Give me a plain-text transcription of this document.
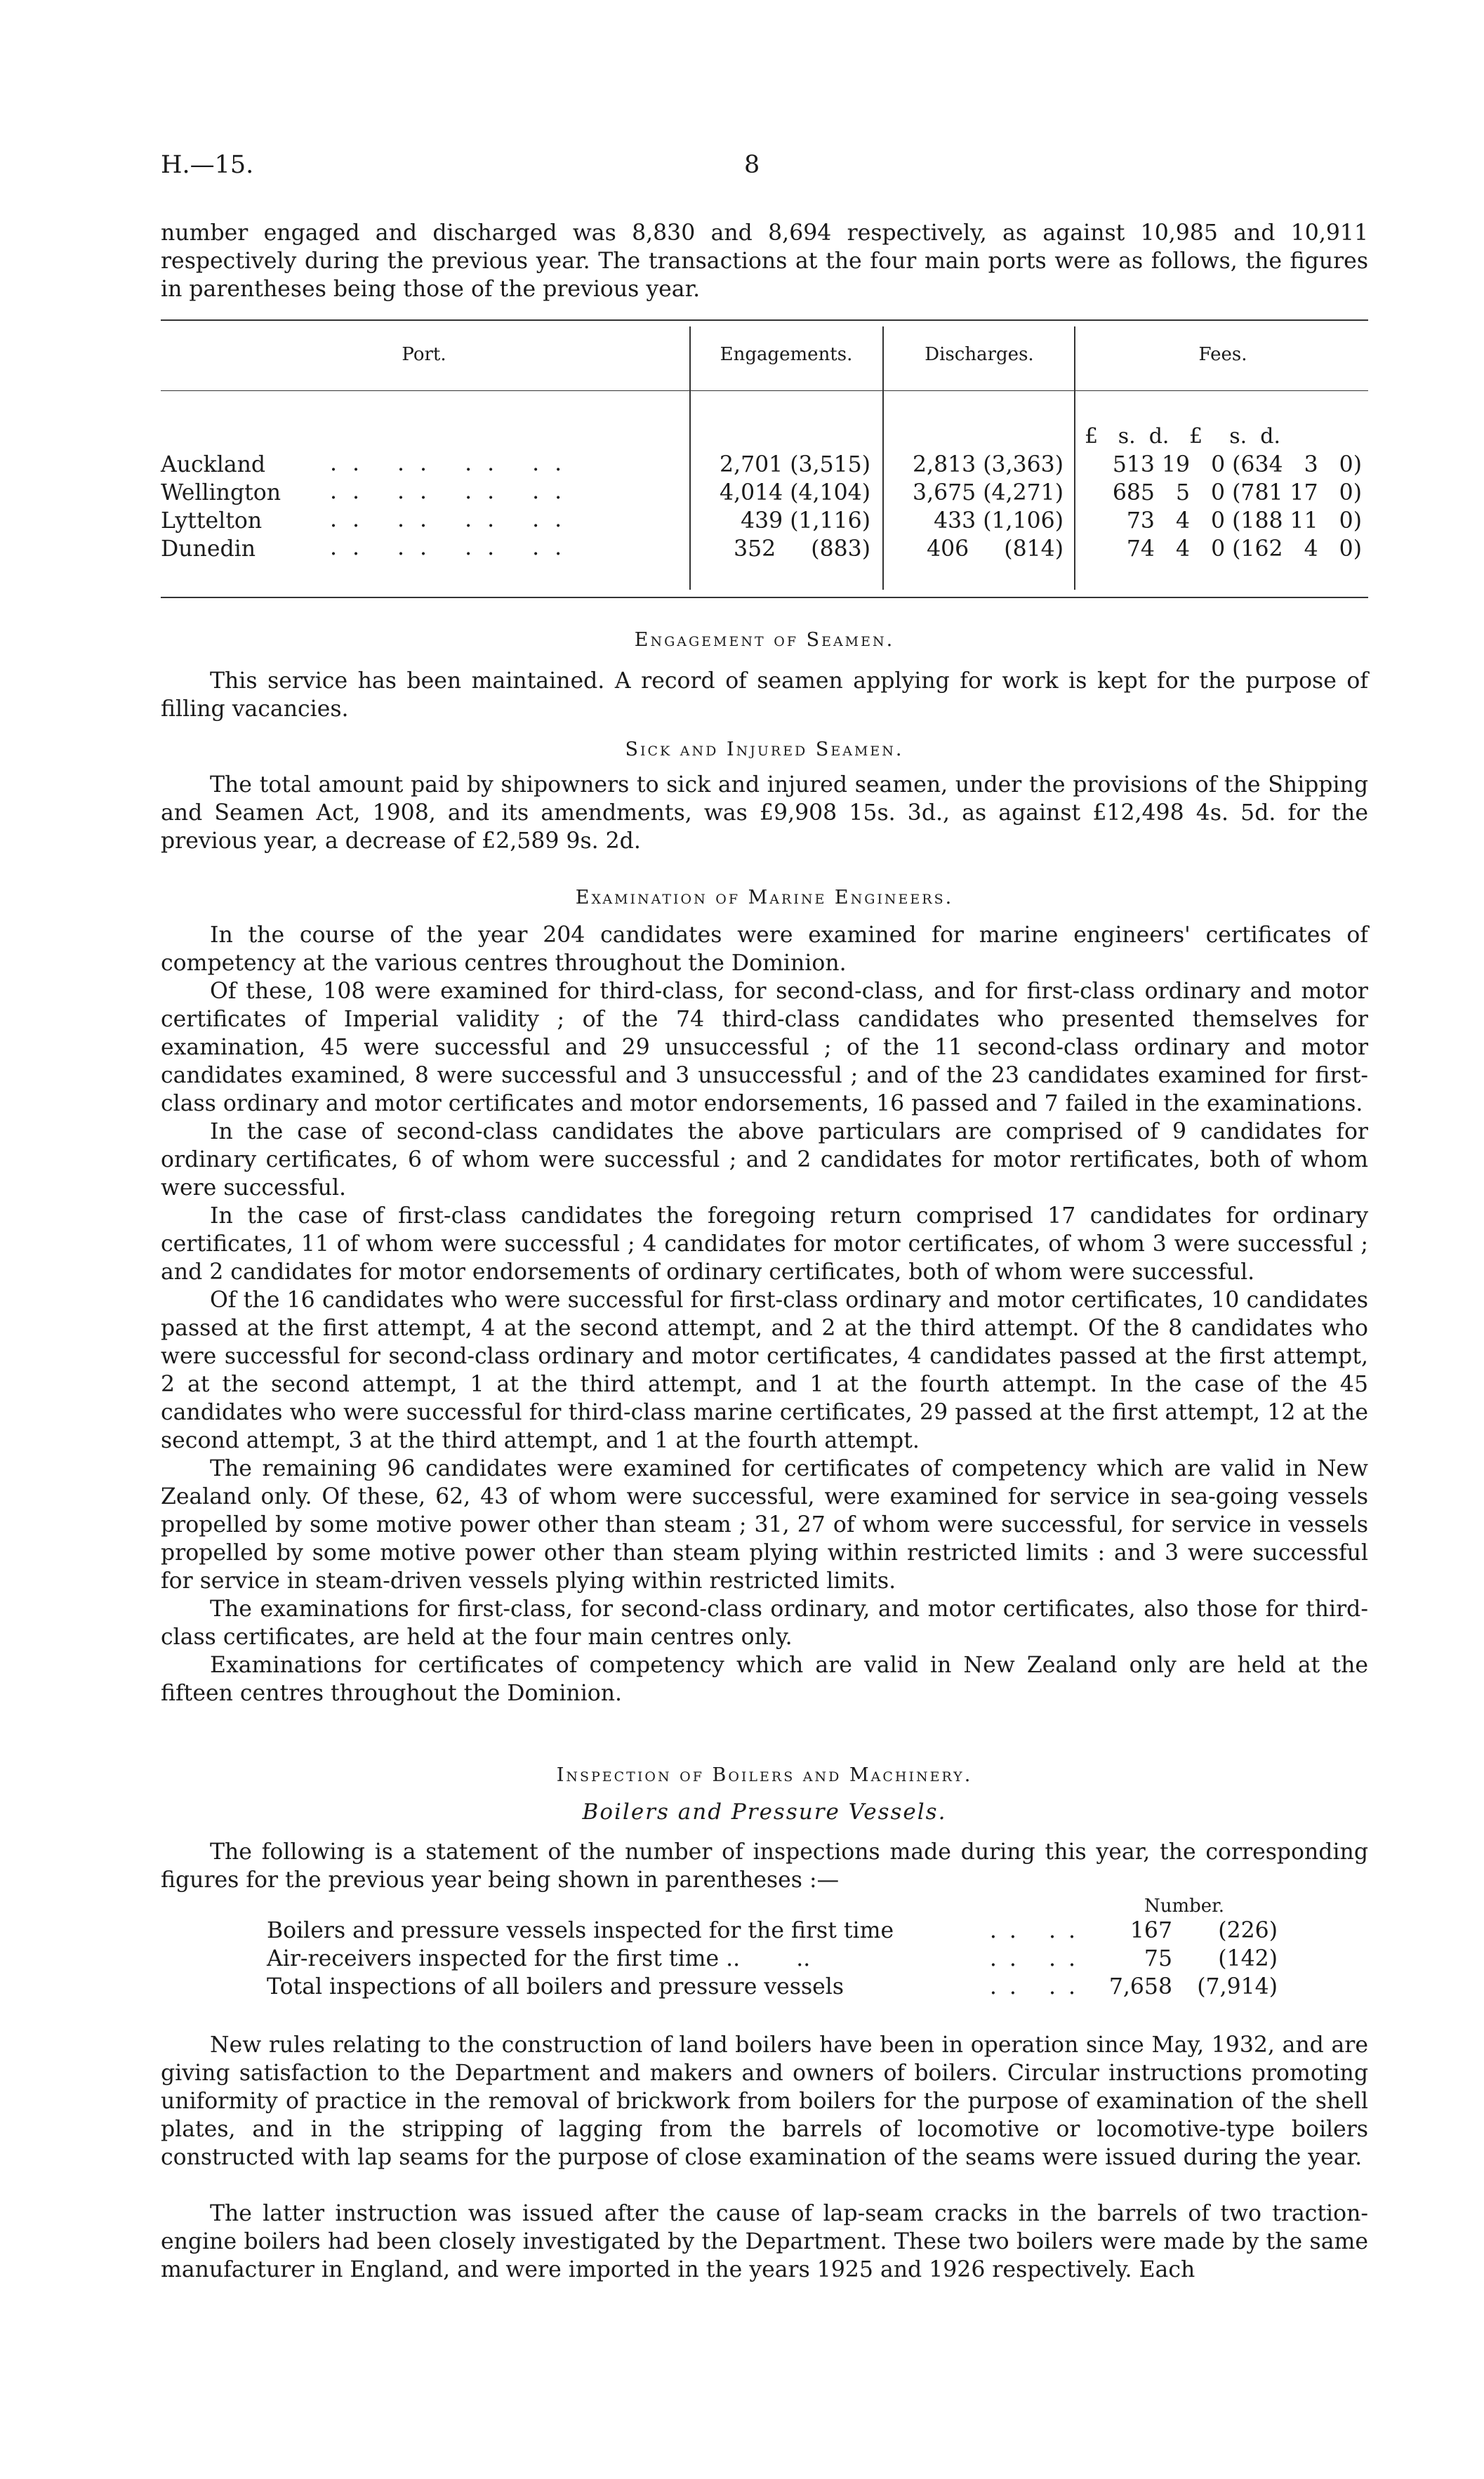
H.—15.	8

number engaged and discharged was 8,830 and 8,694 respectively, as against 10,985 and 10,911 respectively during the previous year. The transactions at the four main ports were as follows, the figures in parentheses being those of the previous year.

Port.	Engagements.	Discharges.	Fees.
£   s.  d.   £    s.  d.
Auckland	.. .. .. ..	2,701 (3,515)	2,813 (3,363)	513 19   0 (634   3   0)
Wellington .. .. .. ..	4,014 (4,104)	3,675 (4,271)	685   5   0 (781 17   0)
Lyttelton	.. .. .. ..	439 (1,116)	433 (1,106)	73   4   0 (188 11   0)
Dunedin	.. .. .. ..	352     (883)	406     (814)	74   4   0 (162   4   0)
Engagement of Seamen.

This service has been maintained. A record of seamen applying for work is kept for the purpose of filling vacancies.

Sick and Injured Seamen.

The total amount paid by shipowners to sick and injured seamen, under the provisions of the Shipping and Seamen Act, 1908, and its amendments, was £9,908 15s. 3d., as against £12,498 4s. 5d. for the previous year, a decrease of £2,589 9s. 2d.

Examination of Marine Engineers.

In the course of the year 204 candidates were examined for marine engineers' certificates of competency at the various centres throughout the Dominion.

Of these, 108 were examined for third-class, for second-class, and for first-class ordinary and motor certificates of Imperial validity ; of the 74 third-class candidates who presented themselves for examination, 45 were successful and 29 unsuccessful ; of the 11 second-class ordinary and motor candidates examined, 8 were successful and 3 unsuccessful ; and of the 23 candidates examined for first-class ordinary and motor certificates and motor endorsements, 16 passed and 7 failed in the examinations.

In the case of second-class candidates the above particulars are comprised of 9 candidates for ordinary certificates, 6 of whom were successful ; and 2 candidates for motor rertificates, both of whom were successful.

In the case of first-class candidates the foregoing return comprised 17 candidates for ordinary certificates, 11 of whom were successful ; 4 candidates for motor certificates, of whom 3 were successful ; and 2 candidates for motor endorsements of ordinary certificates, both of whom were successful.

Of the 16 candidates who were successful for first-class ordinary and motor certificates, 10 candidates passed at the first attempt, 4 at the second attempt, and 2 at the third attempt. Of the 8 candidates who were successful for second-class ordinary and motor certificates, 4 candidates passed at the first attempt, 2 at the second attempt, 1 at the third attempt, and 1 at the fourth attempt. In the case of the 45 candidates who were successful for third-class marine certificates, 29 passed at the first attempt, 12 at the second attempt, 3 at the third attempt, and 1 at the fourth attempt.

The remaining 96 candidates were examined for certificates of competency which are valid in New Zealand only. Of these, 62, 43 of whom were successful, were examined for service in sea-going vessels propelled by some motive power other than steam ; 31, 27 of whom were successful, for service in vessels propelled by some motive power other than steam plying within restricted limits : and 3 were successful for service in steam-driven vessels plying within restricted limits.

The examinations for first-class, for second-class ordinary, and motor certificates, also those for third-class certificates, are held at the four main centres only.

Examinations for certificates of competency which are valid in New Zealand only are held at the fifteen centres throughout the Dominion.

Inspection of Boilers and Machinery.
Boilers and Pressure Vessels.

The following is a statement of the number of inspections made during this year, the corresponding figures for the previous year being shown in parentheses :—

Number.
Boilers and pressure vessels inspected for the first time	.. ..	167	(226)
Air-receivers inspected for the first time ..        ..	.. ..	75	(142)
Total inspections of all boilers and pressure vessels	.. .. 7,658	(7,914)

New rules relating to the construction of land boilers have been in operation since May, 1932, and are giving satisfaction to the Department and makers and owners of boilers. Circular instructions promoting uniformity of practice in the removal of brickwork from boilers for the purpose of examination of the shell plates, and in the stripping of lagging from the barrels of locomotive or locomotive-type boilers constructed with lap seams for the purpose of close examination of the seams were issued during the year.

The latter instruction was issued after the cause of lap-seam cracks in the barrels of two traction-engine boilers had been closely investigated by the Department. These two boilers were made by the same manufacturer in England, and were imported in the years 1925 and 1926 respectively. Each
